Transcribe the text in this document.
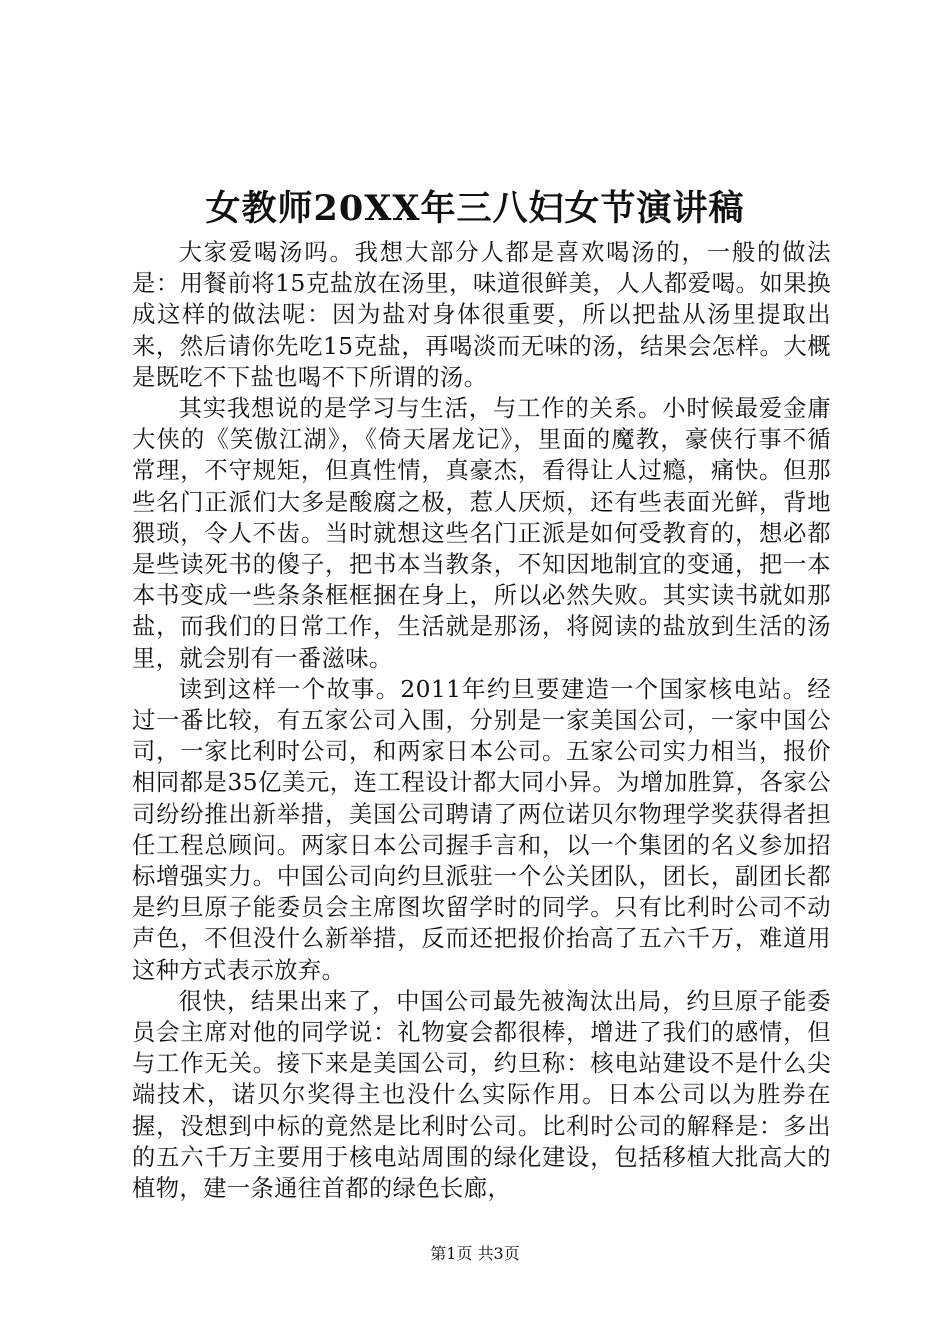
女教师20XX年三八妇女节演讲稿

大家爱喝汤吗。我想大部分人都是喜欢喝汤的，一般的做法是：用餐前将15克盐放在汤里，味道很鲜美，人人都爱喝。如果换成这样的做法呢：因为盐对身体很重要，所以把盐从汤里提取出来，然后请你先吃15克盐，再喝淡而无味的汤，结果会怎样。大概是既吃不下盐也喝不下所谓的汤。

其实我想说的是学习与生活，与工作的关系。小时候最爱金庸大侠的《笑傲江湖》，《倚天屠龙记》，里面的魔教，豪侠行事不循常理，不守规矩，但真性情，真豪杰，看得让人过瘾，痛快。但那些名门正派们大多是酸腐之极，惹人厌烦，还有些表面光鲜，背地猥琐，令人不齿。当时就想这些名门正派是如何受教育的，想必都是些读死书的傻子，把书本当教条，不知因地制宜的变通，把一本本书变成一些条条框框捆在身上，所以必然失败。其实读书就如那盐，而我们的日常工作，生活就是那汤，将阅读的盐放到生活的汤里，就会别有一番滋味。

读到这样一个故事。2011年约旦要建造一个国家核电站。经过一番比较，有五家公司入围，分别是一家美国公司，一家中国公司，一家比利时公司，和两家日本公司。五家公司实力相当，报价相同都是35亿美元，连工程设计都大同小异。为增加胜算，各家公司纷纷推出新举措，美国公司聘请了两位诺贝尔物理学奖获得者担任工程总顾问。两家日本公司握手言和，以一个集团的名义参加招标增强实力。中国公司向约旦派驻一个公关团队，团长，副团长都是约旦原子能委员会主席图坎留学时的同学。只有比利时公司不动声色，不但没什么新举措，反而还把报价抬高了五六千万，难道用这种方式表示放弃。

很快，结果出来了，中国公司最先被淘汰出局，约旦原子能委员会主席对他的同学说：礼物宴会都很棒，增进了我们的感情，但与工作无关。接下来是美国公司，约旦称：核电站建设不是什么尖端技术，诺贝尔奖得主也没什么实际作用。日本公司以为胜券在握，没想到中标的竟然是比利时公司。比利时公司的解释是：多出的五六千万主要用于核电站周围的绿化建设，包括移植大批高大的植物，建一条通往首都的绿色长廊，

第1页 共3页
